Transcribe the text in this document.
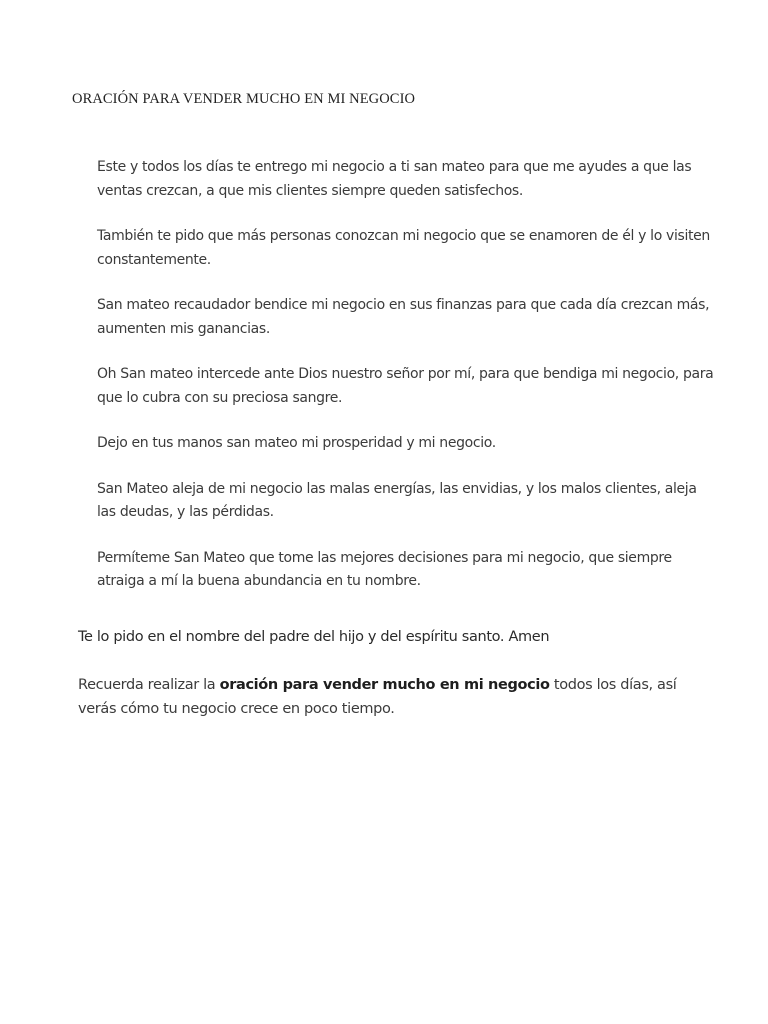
ORACIÓN PARA VENDER MUCHO EN MI NEGOCIO
Este y todos los días te entrego mi negocio a ti san mateo para que me ayudes a que las ventas crezcan, a que mis clientes siempre queden satisfechos.
También te pido que más personas conozcan mi negocio que se enamoren de él y lo visiten constantemente.
San mateo recaudador bendice mi negocio en sus finanzas para que cada día crezcan más, aumenten mis ganancias.
Oh San mateo intercede ante Dios nuestro señor por mí, para que bendiga mi negocio, para que lo cubra con su preciosa sangre.
Dejo en tus manos san mateo mi prosperidad y mi negocio.
San Mateo aleja de mi negocio las malas energías, las envidias, y los malos clientes, aleja las deudas, y las pérdidas.
Permíteme San Mateo que tome las mejores decisiones para mi negocio, que siempre atraiga a mí la buena abundancia en tu nombre.

Te lo pido en el nombre del padre del hijo y del espíritu santo. Amen

Recuerda realizar la oración para vender mucho en mi negocio todos los días, así verás cómo tu negocio crece en poco tiempo.
